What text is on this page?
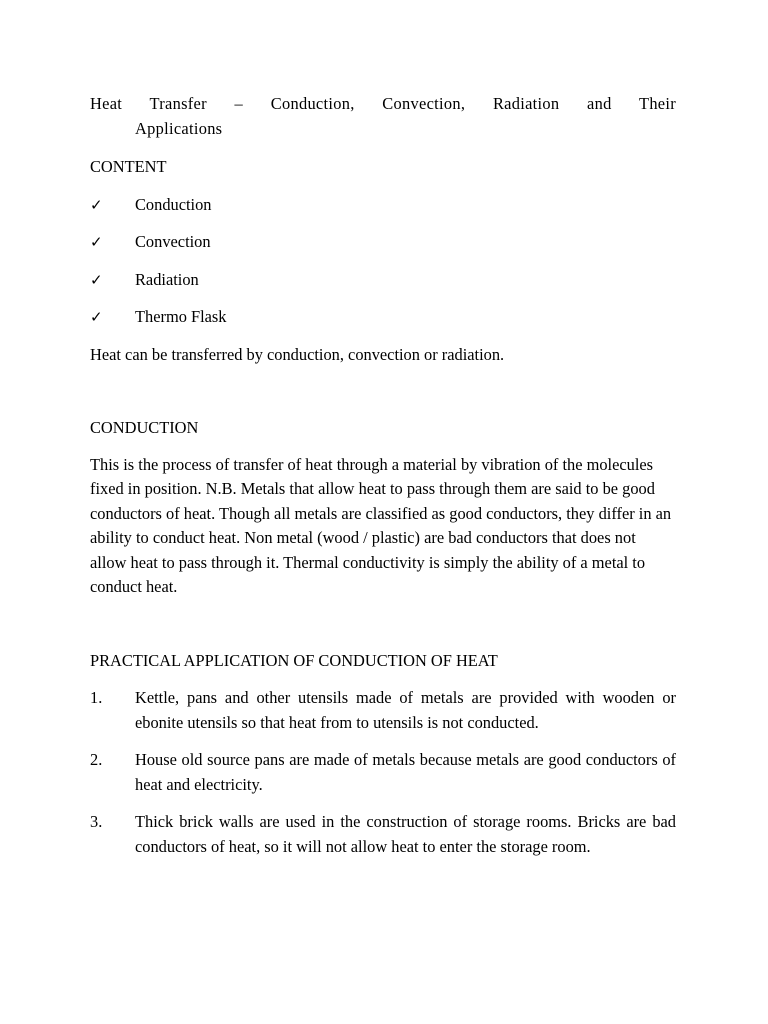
Heat Transfer – Conduction, Convection, Radiation and Their
Applications
CONTENT
✓	Conduction
✓	Convection
✓	Radiation
✓	Thermo Flask
Heat can be transferred by conduction, convection or radiation.
CONDUCTION
This is the process of transfer of heat through a material by vibration of the molecules fixed in position. N.B. Metals that allow heat to pass through them are said to be good conductors of heat. Though all metals are classified as good conductors, they differ in an ability to conduct heat. Non metal (wood / plastic) are bad conductors that does not allow heat to pass through it. Thermal conductivity is simply the ability of a metal to conduct heat.
PRACTICAL APPLICATION OF CONDUCTION OF HEAT
1.	Kettle, pans and other utensils made of metals are provided with wooden or ebonite utensils so that heat from to utensils is not conducted.
2.	House old source pans are made of metals because metals are good conductors of heat and electricity.
3.	Thick brick walls are used in the construction of storage rooms. Bricks are bad conductors of heat, so it will not allow heat to enter the storage room.
